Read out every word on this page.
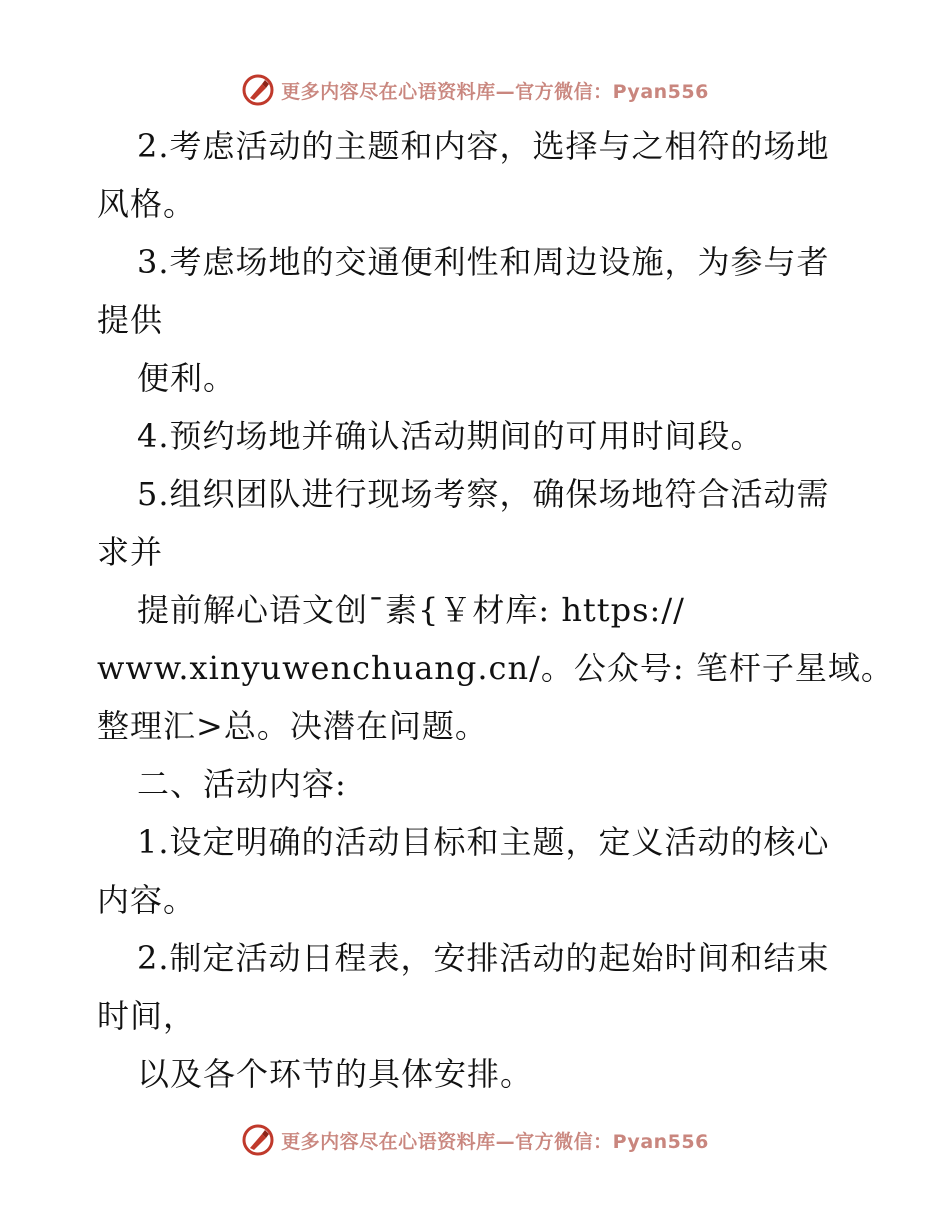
更多内容尽在心语资料库—官方微信：Pyan556
2.考虑活动的主题和内容，选择与之相符的场地
风格。
3.考虑场地的交通便利性和周边设施，为参与者
提供
便利。
4.预约场地并确认活动期间的可用时间段。
5.组织团队进行现场考察，确保场地符合活动需
求并
提前解心语文创¯素{￥材库: https://
www.xinyuwenchuang.cn/。公众号: 笔杆子星域。
整理汇>总。决潜在问题。
二、活动内容:
1.设定明确的活动目标和主题，定义活动的核心
内容。
2.制定活动日程表，安排活动的起始时间和结束
时间，
以及各个环节的具体安排。
更多内容尽在心语资料库—官方微信：Pyan556
